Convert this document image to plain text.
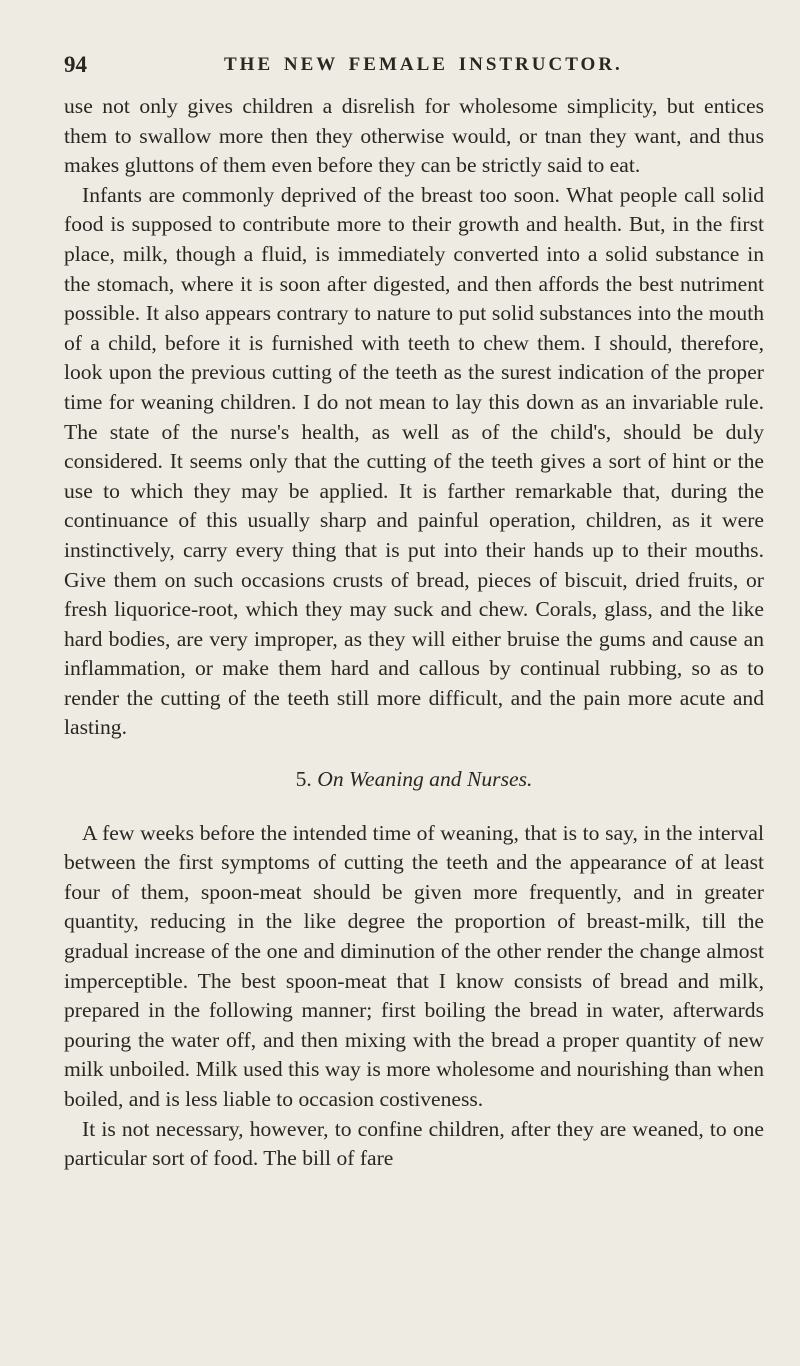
94	THE NEW FEMALE INSTRUCTOR.

use not only gives children a disrelish for wholesome simplicity, but entices them to swallow more then they otherwise would, or tnan they want, and thus makes gluttons of them even before they can be strictly said to eat.

Infants are commonly deprived of the breast too soon. What people call solid food is supposed to contribute more to their growth and health. But, in the first place, milk, though a fluid, is immediately converted into a solid substance in the stomach, where it is soon after digested, and then affords the best nutriment possible. It also appears contrary to nature to put solid substances into the mouth of a child, before it is furnished with teeth to chew them. I should, therefore, look upon the previous cutting of the teeth as the surest indication of the proper time for weaning children. I do not mean to lay this down as an invariable rule. The state of the nurse's health, as well as of the child's, should be duly considered. It seems only that the cutting of the teeth gives a sort of hint or the use to which they may be applied. It is farther remarkable that, during the continuance of this usually sharp and painful operation, children, as it were instinctively, carry every thing that is put into their hands up to their mouths. Give them on such occasions crusts of bread, pieces of biscuit, dried fruits, or fresh liquorice-root, which they may suck and chew. Corals, glass, and the like hard bodies, are very improper, as they will either bruise the gums and cause an inflammation, or make them hard and callous by continual rubbing, so as to render the cutting of the teeth still more difficult, and the pain more acute and lasting.

5. On Weaning and Nurses.

A few weeks before the intended time of weaning, that is to say, in the interval between the first symptoms of cutting the teeth and the appearance of at least four of them, spoon-meat should be given more frequently, and in greater quantity, reducing in the like degree the proportion of breast-milk, till the gradual increase of the one and diminution of the other render the change almost imperceptible. The best spoon-meat that I know consists of bread and milk, prepared in the following manner; first boiling the bread in water, afterwards pouring the water off, and then mixing with the bread a proper quantity of new milk unboiled. Milk used this way is more wholesome and nourishing than when boiled, and is less liable to occasion costiveness.

It is not necessary, however, to confine children, after they are weaned, to one particular sort of food. The bill of fare
